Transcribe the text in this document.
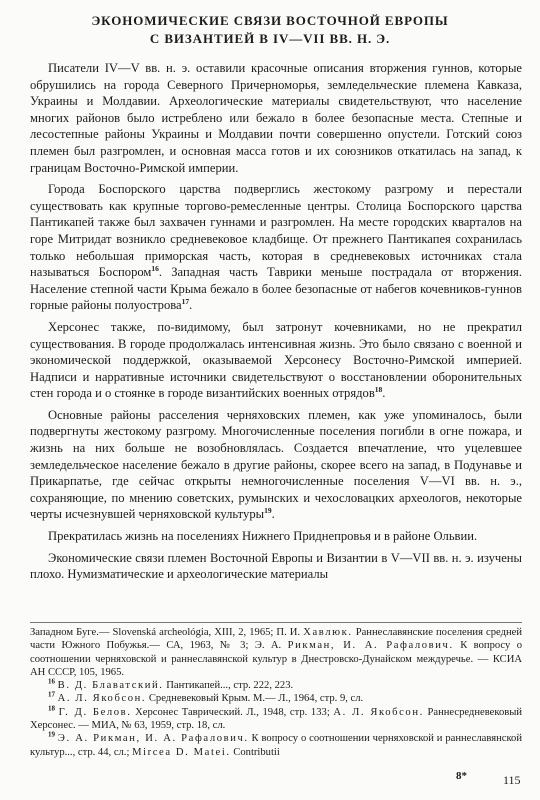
ЭКОНОМИЧЕСКИЕ СВЯЗИ ВОСТОЧНОЙ ЕВРОПЫ
С ВИЗАНТИЕЙ В IV—VII ВВ. Н. Э.

Писатели IV—V вв. н. э. оставили красочные описания вторжения гуннов, которые обрушились на города Северного Причерноморья, земледельческие племена Кавказа, Украины и Молдавии. Археологические материалы свидетельствуют, что население многих районов было истреблено или бежало в более безопасные места. Степные и лесостепные районы Украины и Молдавии почти совершенно опустели. Готский союз племен был разгромлен, и основная масса готов и их союзников откатилась на запад, к границам Восточно-Римской империи.

Города Боспорского царства подверглись жестокому разгрому и перестали существовать как крупные торгово-ремесленные центры. Столица Боспорского царства Пантикапей также был захвачен гуннами и разгромлен. На месте городских кварталов на горе Митридат возникло средневековое кладбище. От прежнего Пантикапея сохранилась только небольшая приморская часть, которая в средневековых источниках стала называться Боспором$^{16}$. Западная часть Таврики меньше пострадала от вторжения. Население степной части Крыма бежало в более безопасные от набегов кочевников-гуннов горные районы полуострова$^{17}$.

Херсонес также, по-видимому, был затронут кочевниками, но не прекратил существования. В городе продолжалась интенсивная жизнь. Это было связано с военной и экономической поддержкой, оказываемой Херсонесу Восточно-Римской империей. Надписи и нарративные источники свидетельствуют о восстановлении оборонительных стен города и о стоянке в городе византийских военных отрядов$^{18}$.

Основные районы расселения черняховских племен, как уже упоминалось, были подвергнуты жестокому разгрому. Многочисленные поселения погибли в огне пожара, и жизнь на них больше не возобновлялась. Создается впечатление, что уцелевшее земледельческое население бежало в другие районы, скорее всего на запад, в Подунавье и Прикарпатье, где сейчас открыты немногочисленные поселения V—VI вв. н. э., сохраняющие, по мнению советских, румынских и чехословацких археологов, некоторые черты исчезнувшей черняховской культуры$^{19}$.

Прекратилась жизнь на поселениях Нижнего Приднепровья и в районе Ольвии.

Экономические связи племен Восточной Европы и Византии в V—VII вв. н. э. изучены плохо. Нумизматические и археологические материалы

Западном Буге.— Slovenská archeológia, XIII, 2, 1965; П. И. Хавлюк. Раннеславянские поселения средней части Южного Побужья.— СА, 1963, № 3; Э. А. Рикман, И. А. Рафалович. К вопросу о соотношении черняховской и раннеславянской культур в Днестровско-Дунайском междуречье. — КСИА АН СССР, 105, 1965.

$^{16}$ В. Д. Блаватский. Пантикапей..., стр. 222, 223.

$^{17}$ А. Л. Якобсон. Средневековый Крым. М.— Л., 1964, стр. 9, сл.

$^{18}$ Г. Д. Белов. Херсонес Таврический. Л., 1948, стр. 133; А. Л. Якобсон. Раннесредневековый Херсонес. — МИА, № 63, 1959, стр. 18, сл.

$^{19}$ Э. А. Рикман, И. А. Рафалович. К вопросу о соотношении черняховской и раннеславянской культур..., стр. 44, сл.; Mircea D. Matei. Contributii

8*	115
